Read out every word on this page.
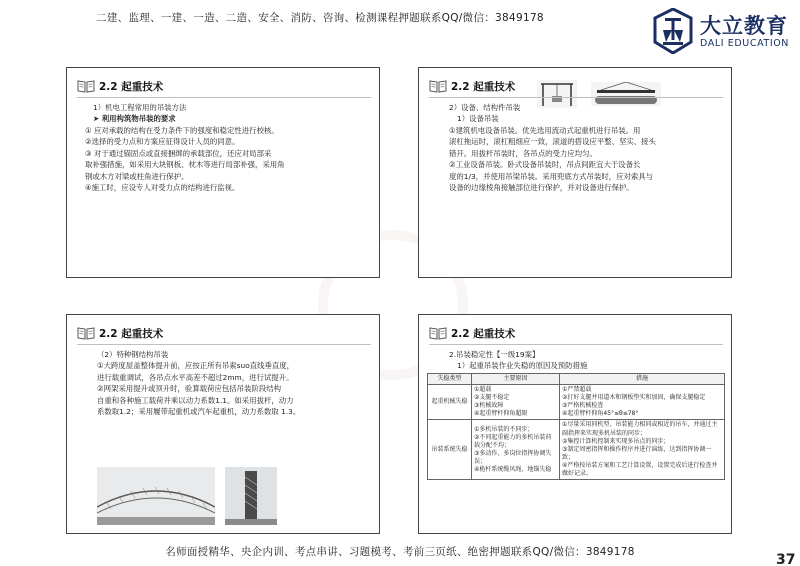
二建、监理、一建、一造、二造、安全、消防、咨询、检测课程押题联系QQ/微信：3849178	大立教育
DALI EDUCATION
2.2 起重技术
1）机电工程常用的吊装方法
➤ 利用构筑物吊装的要求
① 应对承载的结构在受力条件下的强度和稳定性进行校核。
②选择的受力点和方案应征得设计人员的同意。
③ 对于通过锚固点或直接捆绑的承载部位，还应对局部采
取补强措施，如采用大块钢板、枕木等进行局部补强，采用角
钢或木方对梁或柱角进行保护。
④施工时，应设专人对受力点的结构进行监视。
2.2 起重技术
2）设备、结构件吊装
1）设备吊装
①建筑机电设备吊装。优先选用流动式起重机进行吊装。用
滚杠拖运时，滚杠粗细应一致，滚道的搭设应平整、坚实、接头
错开。用拔杆吊装时，各吊点的受力应均匀。
②工业设备吊装。卧式设备吊装时，吊点间距宜大于设备长
度的1/3，并使用吊梁吊装。采用兜底方式吊装时，应对索具与
设备的边缘棱角接触部位进行保护，并对设备进行保护。
2.2 起重技术
（2）特种钢结构吊装
①大跨度屋盖整体提升前，应按正所有吊索suo直线垂直度，
进行载重调试，各吊点水平高差不超过2mm，进行试提升。
②网架采用提升或顶升时，验算载荷应包括吊装阶段结构
自重和各种施工载荷并乘以动力系数1.1。如采用拔杆，动力
系数取1.2；采用履带起重机或汽车起重机，动力系数取 1.3。
2.2 起重技术
2.吊装稳定性【一级19案】
1）起重吊装作业失稳的原因及预防措施
失稳类型	主要原因	措施
起重机械失稳	①超载
②支腿不稳定
③机械故障
④起重臂杆仰角超限	①严禁超载
②打好支腿并用道木和钢板垫实和加固，确保支腿稳定
③严格机械检查
④起重臂杆仰角45°≤θ≤78°
吊装系统失稳	①多机吊装的不同步；
②不同起重能力的多机吊装荷载分配不均；
③多动作、多岗位指挥协调失误；
④桅杆系统缆风绳、地锚失稳	①尽量采用同机型、吊装能力相同或相近的吊车，并通过主副指挥来实现多机吊装的同步；
②集控计算机控制来实现多吊点的同步；
③制定周密指挥和操作程序并进行演练，达到指挥协调一致；
④严格按吊装方案和工艺计算设置，设置完成后进行检查并做好记录。
名师面授精华、央企内训、考点串讲、习题模考、考前三页纸、绝密押题联系QQ/微信：3849178	37
